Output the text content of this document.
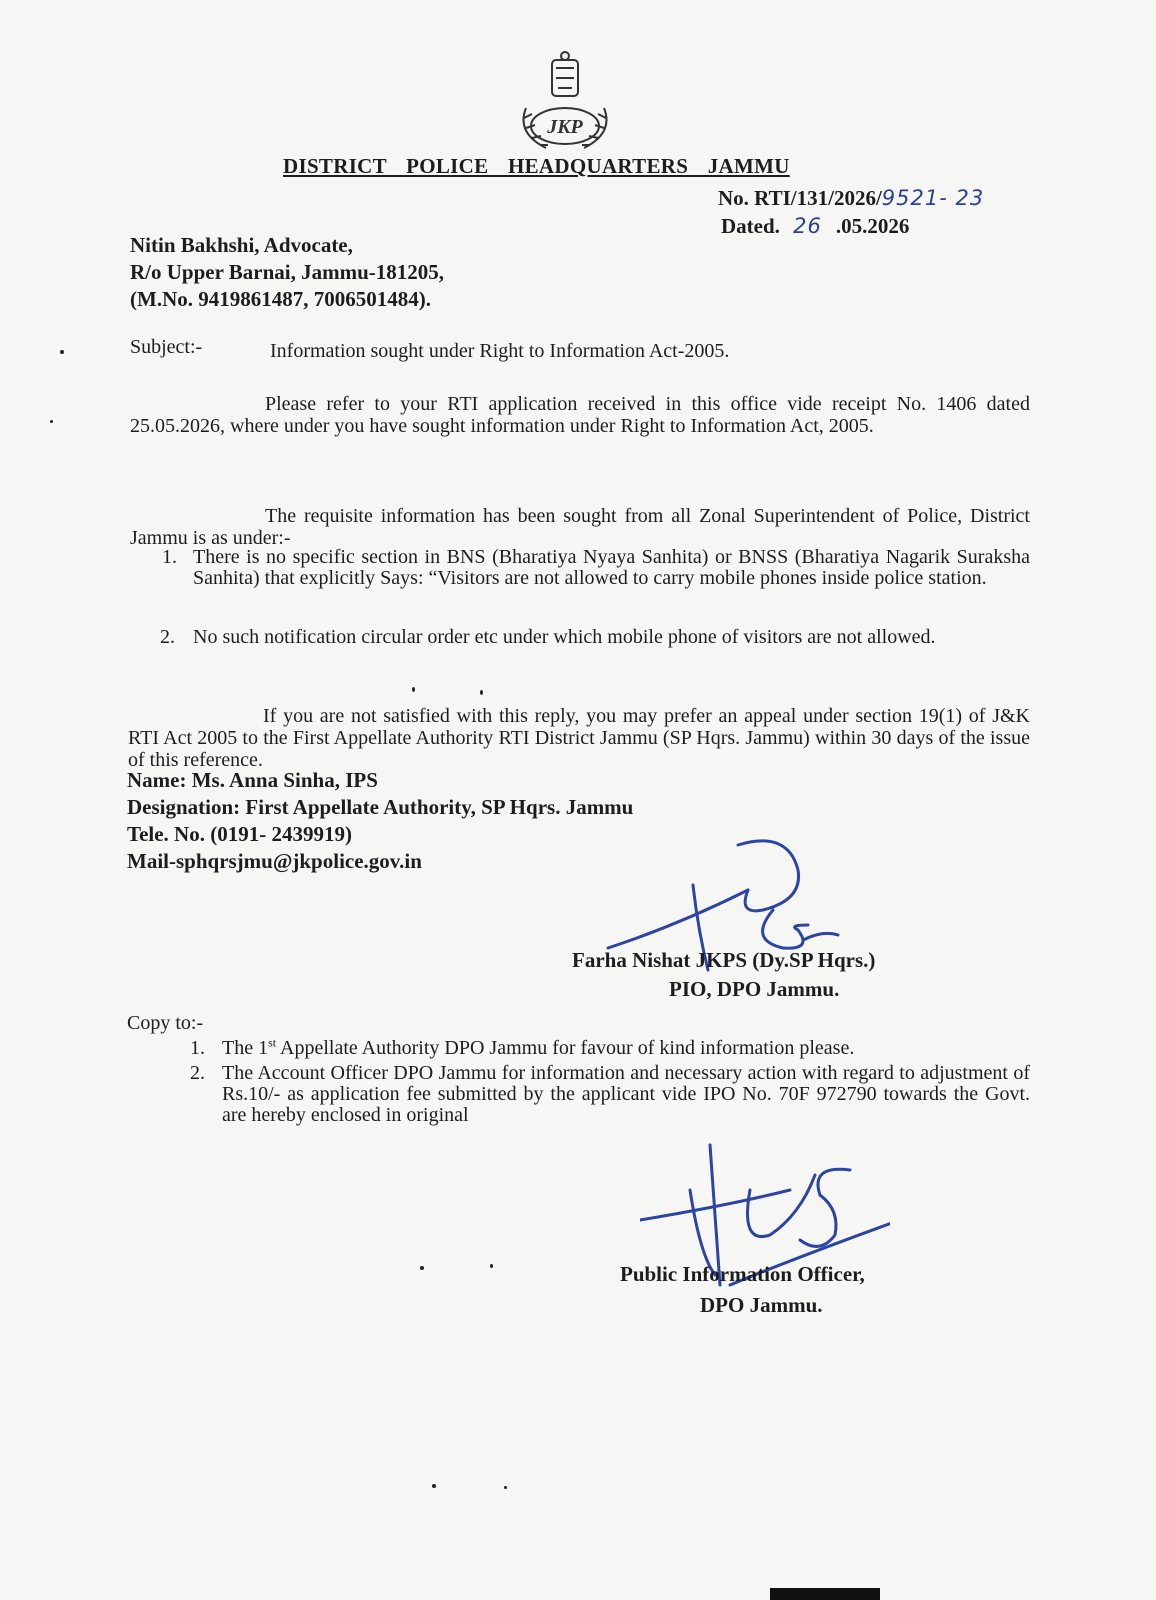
JKP
DISTRICT POLICE HEADQUARTERS JAMMU
No. RTI/131/2026/9521- 23
Dated. 26 .05.2026
Nitin Bakhshi, Advocate,
R/o Upper Barnai, Jammu-181205,
(M.No. 9419861487, 7006501484).
Subject:-	Information sought under Right to Information Act-2005.

Please refer to your RTI application received in this office vide receipt No. 1406 dated 25.05.2026, where under you have sought information under Right to Information Act, 2005.

The requisite information has been sought from all Zonal Superintendent of Police, District Jammu is as under:-

1. There is no specific section in BNS (Bharatiya Nyaya Sanhita) or BNSS (Bharatiya Nagarik Suraksha Sanhita) that explicitly Says: “Visitors are not allowed to carry mobile phones inside police station.
2. No such notification circular order etc under which mobile phone of visitors are not allowed.

If you are not satisfied with this reply, you may prefer an appeal under section 19(1) of J&K RTI Act 2005 to the First Appellate Authority RTI District Jammu (SP Hqrs. Jammu) within 30 days of the issue of this reference.

Name: Ms. Anna Sinha, IPS
Designation: First Appellate Authority, SP Hqrs. Jammu
Tele. No. (0191- 2439919)
Mail-sphqrsjmu@jkpolice.gov.in
Farha Nishat JKPS (Dy.SP Hqrs.)
PIO, DPO Jammu.
Copy to:-
1. The 1st Appellate Authority DPO Jammu for favour of kind information please.
2. The Account Officer DPO Jammu for information and necessary action with regard to adjustment of Rs.10/- as application fee submitted by the applicant vide IPO No. 70F 972790 towards the Govt. are hereby enclosed in original
Public Information Officer,
DPO Jammu.
